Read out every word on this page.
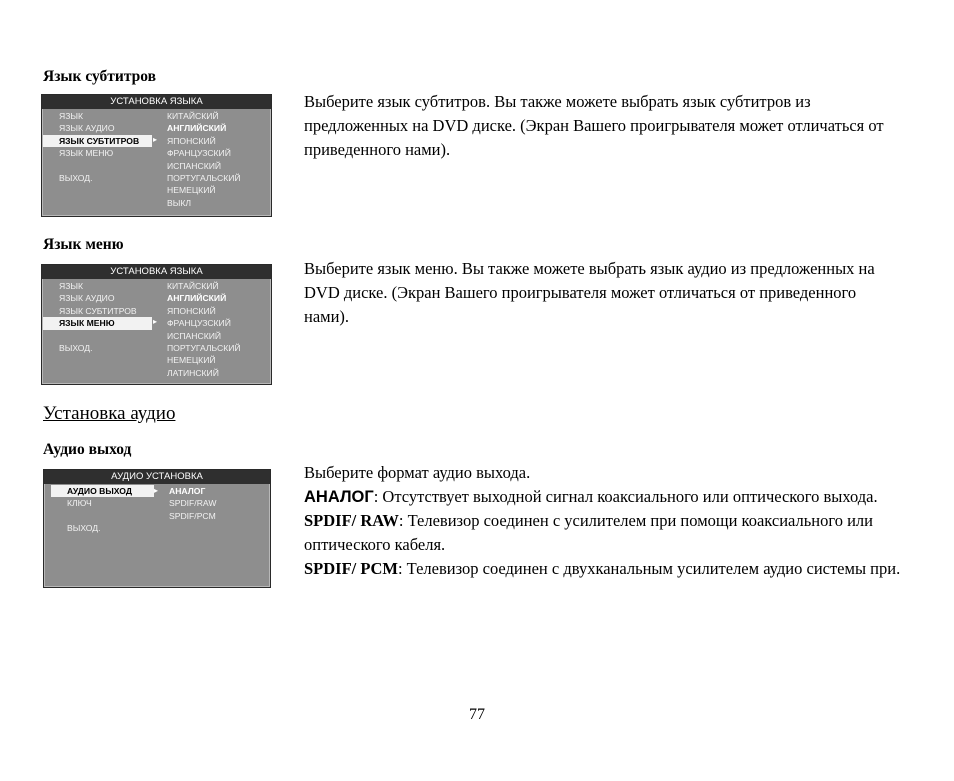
Язык субтитров
УСТАНОВКА ЯЗЫКА
ЯЗЫК
ЯЗЫК АУДИО
ЯЗЫК СУБТИТРОВ
ЯЗЫК МЕНЮ
ВЫХОД.
▸
КИТАЙСКИЙ
АНГЛИЙСКИЙ
ЯПОНСКИЙ
ФРАНЦУЗСКИЙ
ИСПАНСКИЙ
ПОРТУГАЛЬСКИЙ
НЕМЕЦКИЙ
ВЫКЛ

Выберите язык субтитров. Вы также можете выбрать язык субтитров из предложенных на DVD диске. (Экран Вашего проигрывателя может отличаться от приведенного нами).

Язык меню
УСТАНОВКА ЯЗЫКА
ЯЗЫК
ЯЗЫК АУДИО
ЯЗЫК СУБТИТРОВ
ЯЗЫК МЕНЮ
ВЫХОД.
▸
КИТАЙСКИЙ
АНГЛИЙСКИЙ
ЯПОНСКИЙ
ФРАНЦУЗСКИЙ
ИСПАНСКИЙ
ПОРТУГАЛЬСКИЙ
НЕМЕЦКИЙ
ЛАТИНСКИЙ

Выберите язык меню. Вы также можете выбрать язык аудио из предложенных на DVD диске. (Экран Вашего проигрывателя может отличаться от приведенного нами).

Установка аудио
Аудио выход
АУДИО УСТАНОВКА
АУДИО ВЫХОД
КЛЮЧ
ВЫХОД.
▸ АНАЛОГ
SPDIF/RAW
SPDIF/PCM

Выберите формат аудио выхода.

АНАЛОГ: Отсутствует выходной сигнал коаксиального или оптического выхода.

SPDIF/ RAW: Телевизор соединен с усилителем при помощи коаксиального или оптического кабеля.

SPDIF/ PCM: Телевизор соединен с двухканальным усилителем аудио системы при.

77
